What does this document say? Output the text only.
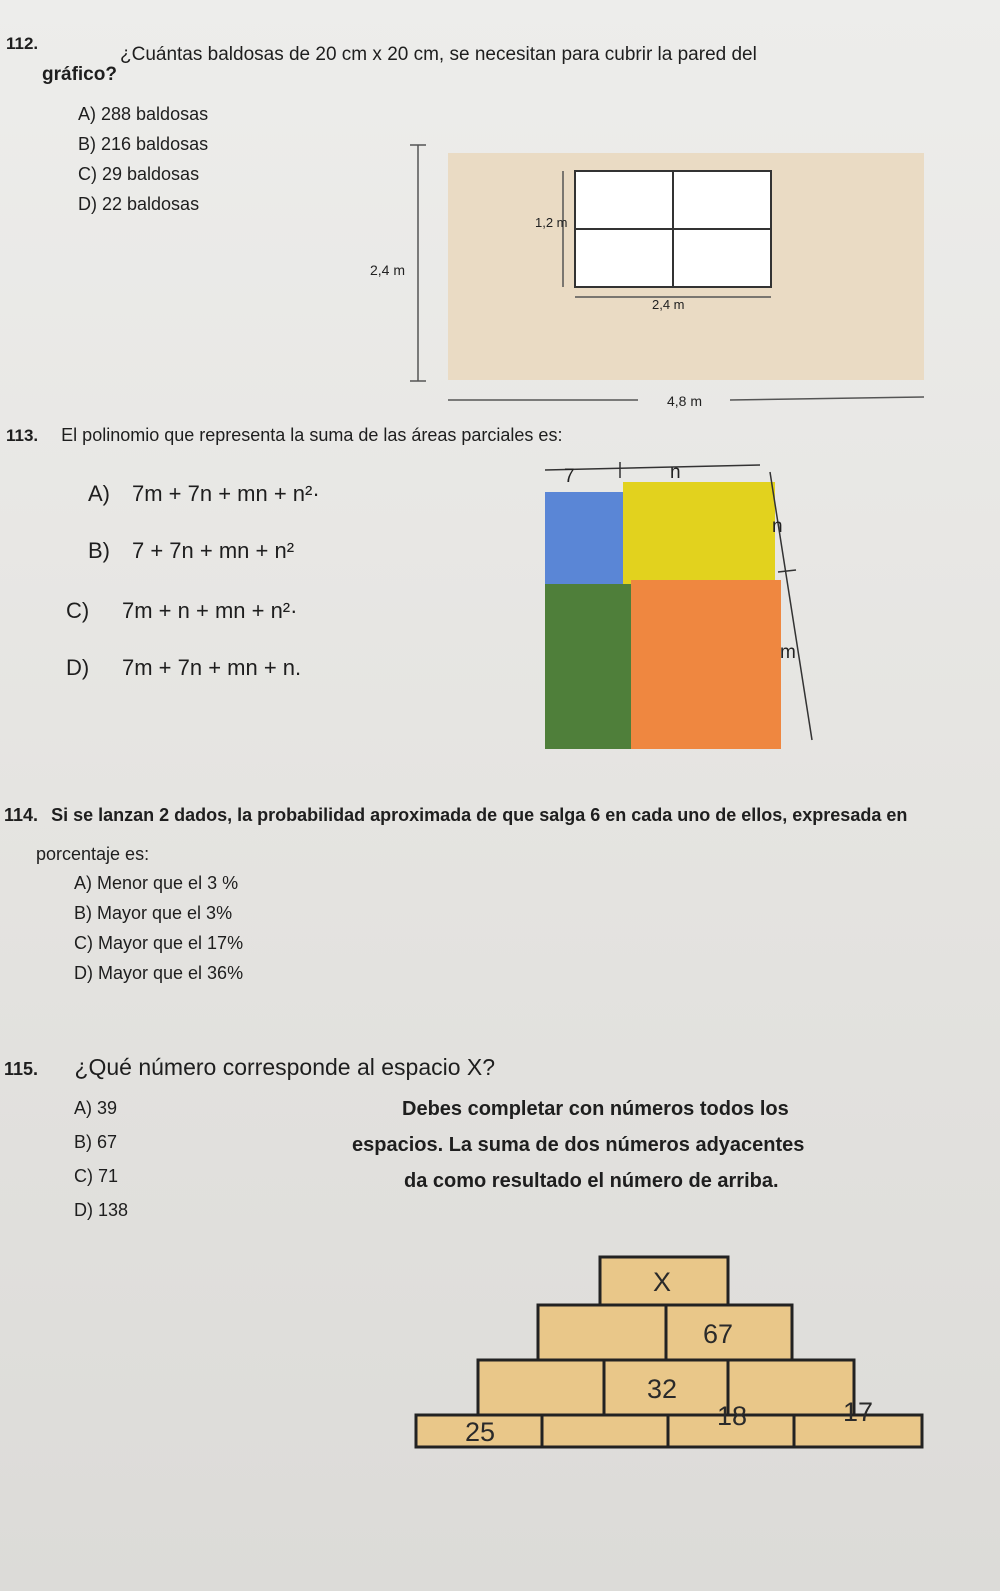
112.
¿Cuántas baldosas de 20 cm x 20 cm, se necesitan para cubrir la pared del
gráfico?
A) 288 baldosas
B) 216 baldosas
C) 29 baldosas
D) 22 baldosas
2,4 m
1,2 m
2,4 m
4,8 m
113. El polinomio que representa la suma de las áreas parciales es:
A) 7m + 7n + mn + n²·
B) 7 + 7n + mn + n²
C) 7m + n + mn + n²·
D) 7m + 7n + mn + n.
7	n
n
m
114. Si se lanzan 2 dados, la probabilidad aproximada de que salga 6 en cada uno de ellos, expresada en
porcentaje es:
A) Menor que el 3 %
B) Mayor que el 3%
C) Mayor que el 17%
D) Mayor que el 36%
115. ¿Qué número corresponde al espacio X?
A) 39
B) 67
C) 71
D) 138
Debes completar con números todos los
espacios. La suma de dos números adyacentes
da como resultado el número de arriba.
X
67
32
25
18	17
